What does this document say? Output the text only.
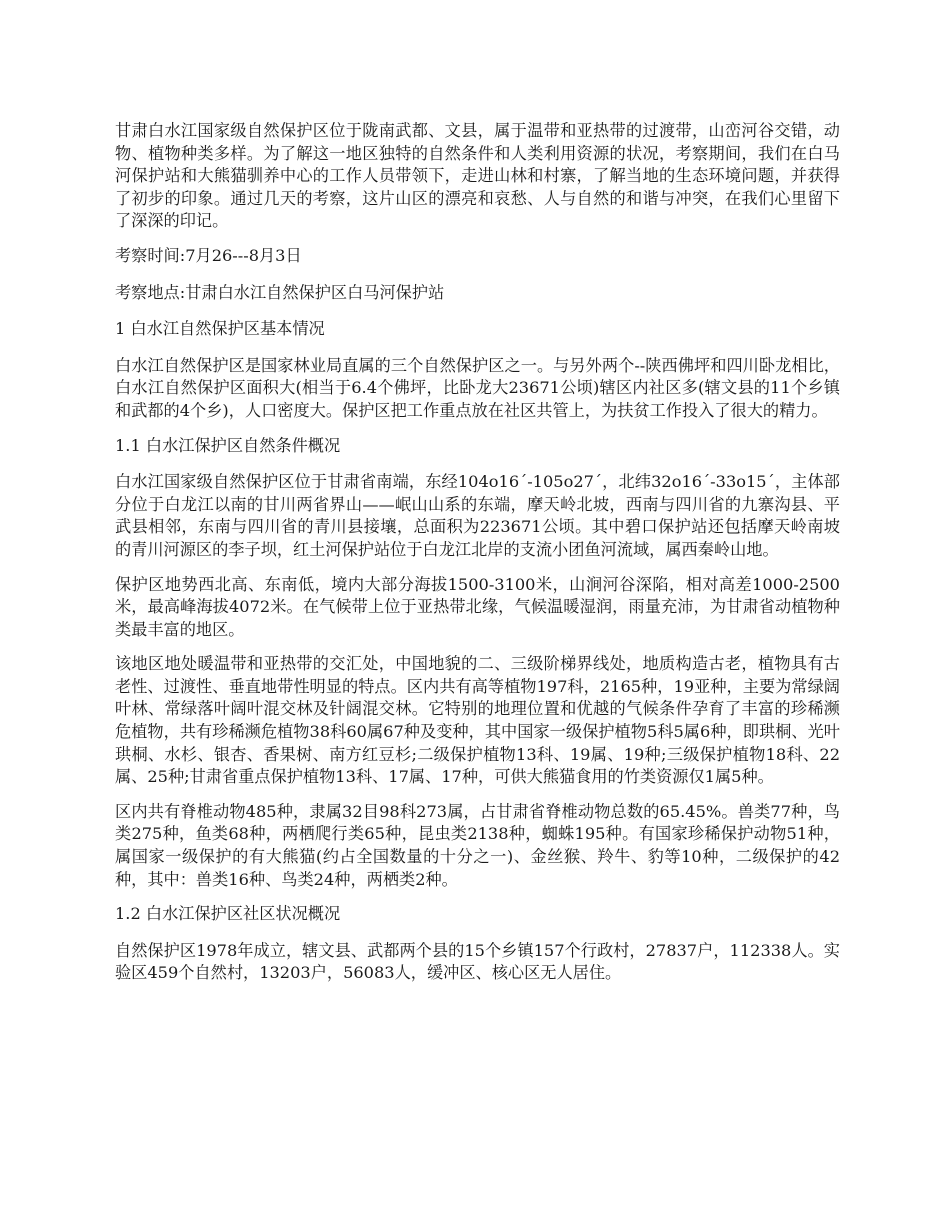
甘肃白水江国家级自然保护区位于陇南武都、文县，属于温带和亚热带的过渡带，山峦河谷交错，动物、植物种类多样。为了解这一地区独特的自然条件和人类利用资源的状况，考察期间，我们在白马河保护站和大熊猫驯养中心的工作人员带领下，走进山林和村寨，了解当地的生态环境问题，并获得了初步的印象。通过几天的考察，这片山区的漂亮和哀愁、人与自然的和谐与冲突，在我们心里留下了深深的印记。

考察时间:7月26---8月3日

考察地点:甘肃白水江自然保护区白马河保护站

1 白水江自然保护区基本情况

白水江自然保护区是国家林业局直属的三个自然保护区之一。与另外两个--陕西佛坪和四川卧龙相比，白水江自然保护区面积大(相当于6.4个佛坪，比卧龙大23671公顷)辖区内社区多(辖文县的11个乡镇和武都的4个乡)，人口密度大。保护区把工作重点放在社区共管上，为扶贫工作投入了很大的精力。

1.1 白水江保护区自然条件概况

白水江国家级自然保护区位于甘肃省南端，东经104o16´-105o27´，北纬32o16´-33o15´，主体部分位于白龙江以南的甘川两省界山——岷山山系的东端，摩天岭北坡，西南与四川省的九寨沟县、平武县相邻，东南与四川省的青川县接壤，总面积为223671公顷。其中碧口保护站还包括摩天岭南坡的青川河源区的李子坝，红土河保护站位于白龙江北岸的支流小团鱼河流域，属西秦岭山地。

保护区地势西北高、东南低，境内大部分海拔1500-3100米，山涧河谷深陷，相对高差1000-2500米，最高峰海拔4072米。在气候带上位于亚热带北缘，气候温暖湿润，雨量充沛，为甘肃省动植物种类最丰富的地区。

该地区地处暖温带和亚热带的交汇处，中国地貌的二、三级阶梯界线处，地质构造古老，植物具有古老性、过渡性、垂直地带性明显的特点。区内共有高等植物197科，2165种，19亚种，主要为常绿阔叶林、常绿落叶阔叶混交林及针阔混交林。它特别的地理位置和优越的气候条件孕育了丰富的珍稀濒危植物，共有珍稀濒危植物38科60属67种及变种，其中国家一级保护植物5科5属6种，即珙桐、光叶珙桐、水杉、银杏、香果树、南方红豆杉;二级保护植物13科、19属、19种;三级保护植物18科、22属、25种;甘肃省重点保护植物13科、17属、17种，可供大熊猫食用的竹类资源仅1属5种。

区内共有脊椎动物485种，隶属32目98科273属，占甘肃省脊椎动物总数的65.45%。兽类77种，鸟类275种，鱼类68种，两栖爬行类65种，昆虫类2138种，蜘蛛195种。有国家珍稀保护动物51种，属国家一级保护的有大熊猫(约占全国数量的十分之一)、金丝猴、羚牛、豹等10种，二级保护的42种，其中：兽类16种、鸟类24种，两栖类2种。

1.2 白水江保护区社区状况概况

自然保护区1978年成立，辖文县、武都两个县的15个乡镇157个行政村，27837户，112338人。实验区459个自然村，13203户，56083人，缓冲区、核心区无人居住。
